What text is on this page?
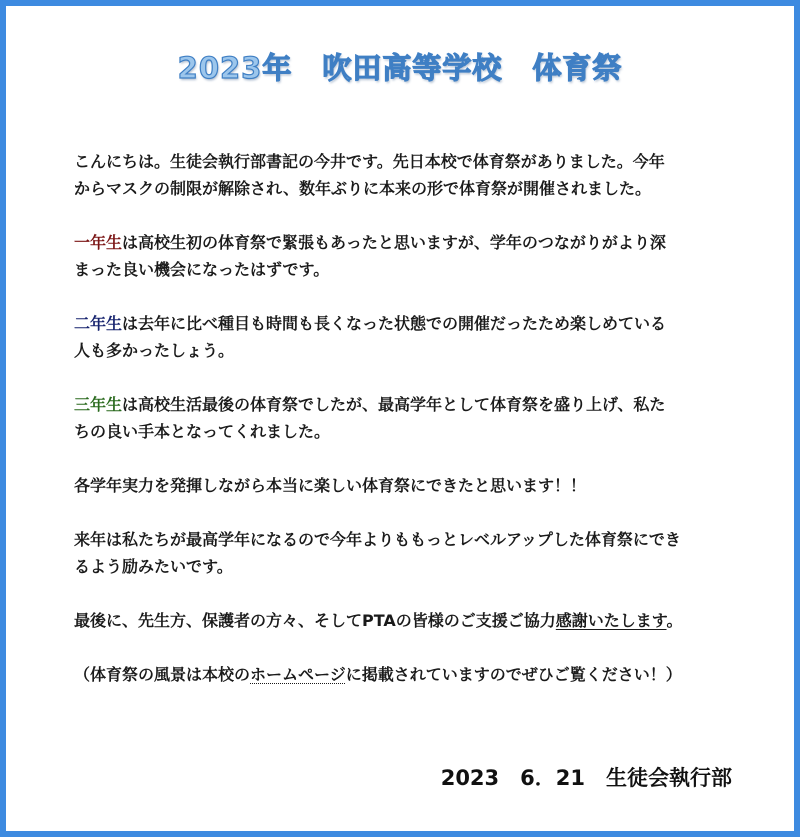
2023年　吹田高等学校　体育祭

こんにちは。生徒会執行部書記の今井です。先日本校で体育祭がありました。今年
からマスクの制限が解除され、数年ぶりに本来の形で体育祭が開催されました。

一年生は高校生初の体育祭で緊張もあったと思いますが、学年のつながりがより深
まった良い機会になったはずです。

二年生は去年に比べ種目も時間も長くなった状態での開催だったため楽しめている
人も多かったしょう。

三年生は高校生活最後の体育祭でしたが、最高学年として体育祭を盛り上げ、私た
ちの良い手本となってくれました。

各学年実力を発揮しながら本当に楽しい体育祭にできたと思います！！

来年は私たちが最高学年になるので今年よりももっとレベルアップした体育祭にでき
るよう励みたいです。

最後に、先生方、保護者の方々、そしてPTAの皆様のご支援ご協力感謝いたします。

（体育祭の風景は本校のホームページに掲載されていますのでぜひご覧ください！）

2023　6．21　生徒会執行部
